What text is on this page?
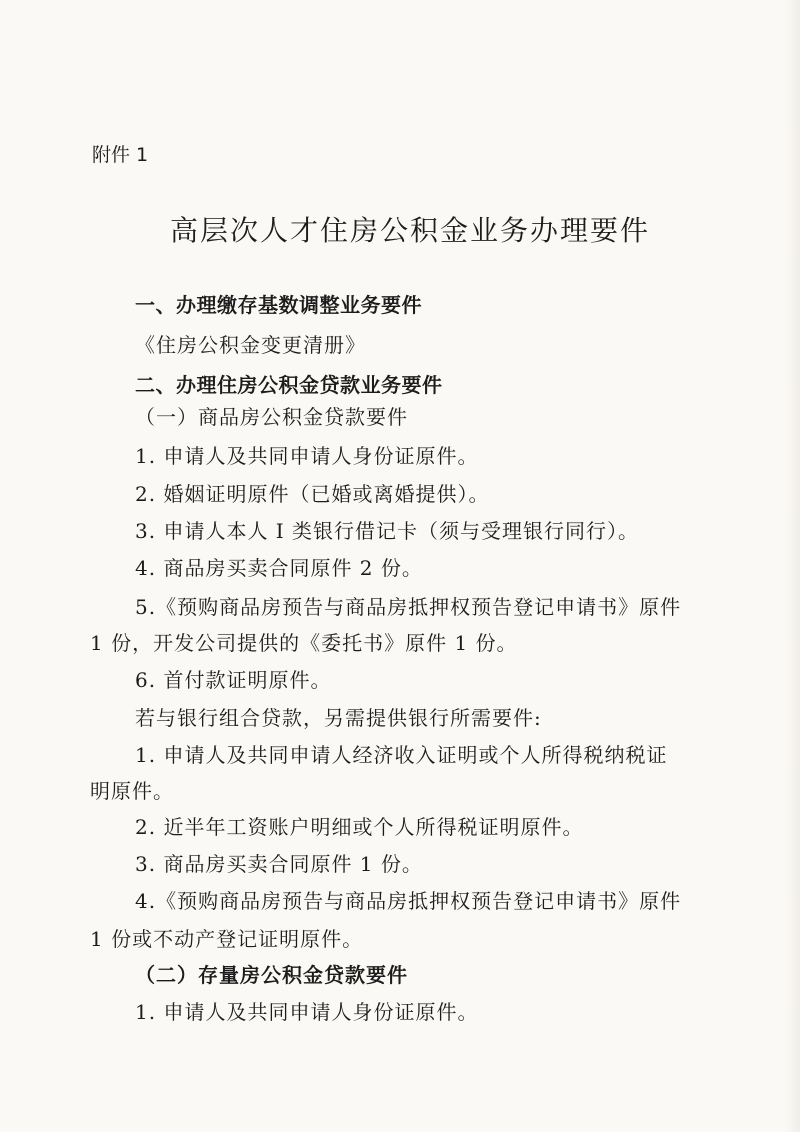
附件 1
高层次人才住房公积金业务办理要件
一、办理缴存基数调整业务要件
《住房公积金变更清册》
二、办理住房公积金贷款业务要件
（一）商品房公积金贷款要件
1. 申请人及共同申请人身份证原件。
2. 婚姻证明原件（已婚或离婚提供）。
3. 申请人本人 I 类银行借记卡（须与受理银行同行）。
4. 商品房买卖合同原件 2 份。
5.《预购商品房预告与商品房抵押权预告登记申请书》原件
1 份，开发公司提供的《委托书》原件 1 份。
6. 首付款证明原件。
若与银行组合贷款，另需提供银行所需要件:
1. 申请人及共同申请人经济收入证明或个人所得税纳税证
明原件。
2. 近半年工资账户明细或个人所得税证明原件。
3. 商品房买卖合同原件 1 份。
4.《预购商品房预告与商品房抵押权预告登记申请书》原件
1 份或不动产登记证明原件。
（二）存量房公积金贷款要件
1. 申请人及共同申请人身份证原件。
